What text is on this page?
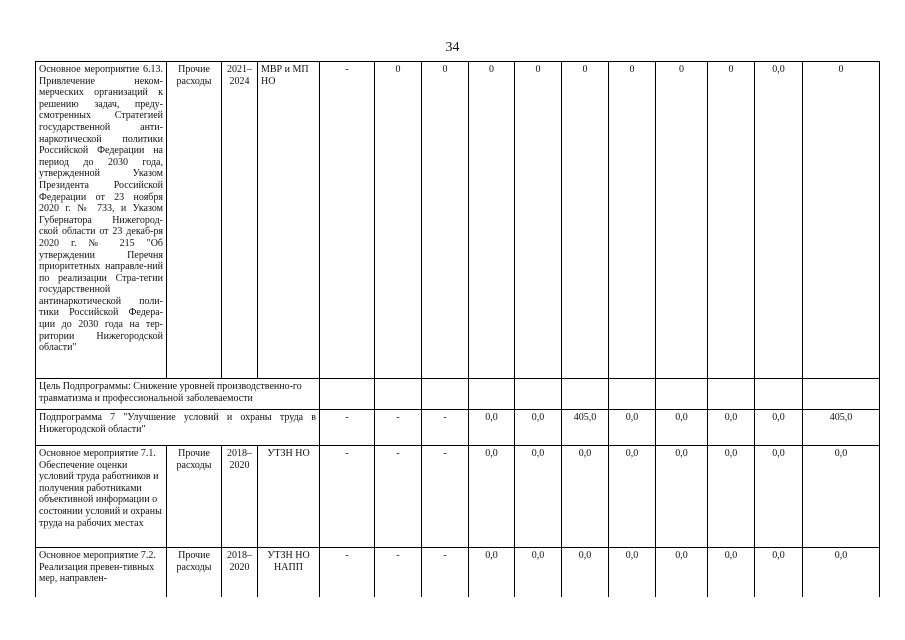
34
Основное мероприятие 6.13. Привлечение неком-мерческих организаций к решению задач, преду-смотренных Стратегией государственной анти-наркотической политики Российской Федерации на период до 2030 года, утвержденной Указом Президента Российской Федерации от 23 ноября 2020 г. № 733, и Указом Губернатора Нижегород-ской области от 23 декаб-ря 2020 г. № 215 "Об утверждении Перечня приоритетных направле-ний по реализации Стра-тегии государственной антинаркотической поли-тики Российской Федера-ции до 2030 года на тер-ритории Нижегородской области"	Прочие расходы	2021–2024	МВР и МП НО	-	0	0	0	0	0	0	0	0	0,0	0
Цель Подпрограммы: Снижение уровней производственно-го травматизма и профессиональной заболеваемости														
Подпрограмма 7 "Улучшение условий и охраны труда в Нижегородской области"				-	-	-	0,0	0,0	405,0	0,0	0,0	0,0	0,0	405,0
Основное мероприятие 7.1. Обеспечение оценки условий труда работников и получения работниками объективной информации о состоянии условий и охраны труда на рабочих местах	Прочие расходы	2018–2020	УТЗН НО	-	-	-	0,0	0,0	0,0	0,0	0,0	0,0	0,0	0,0
Основное мероприятие 7.2. Реализация превен-тивных мер, направлен-	Прочие расходы	2018–2020	УТЗН НО НАПП	-	-	-	0,0	0,0	0,0	0,0	0,0	0,0	0,0	0,0
